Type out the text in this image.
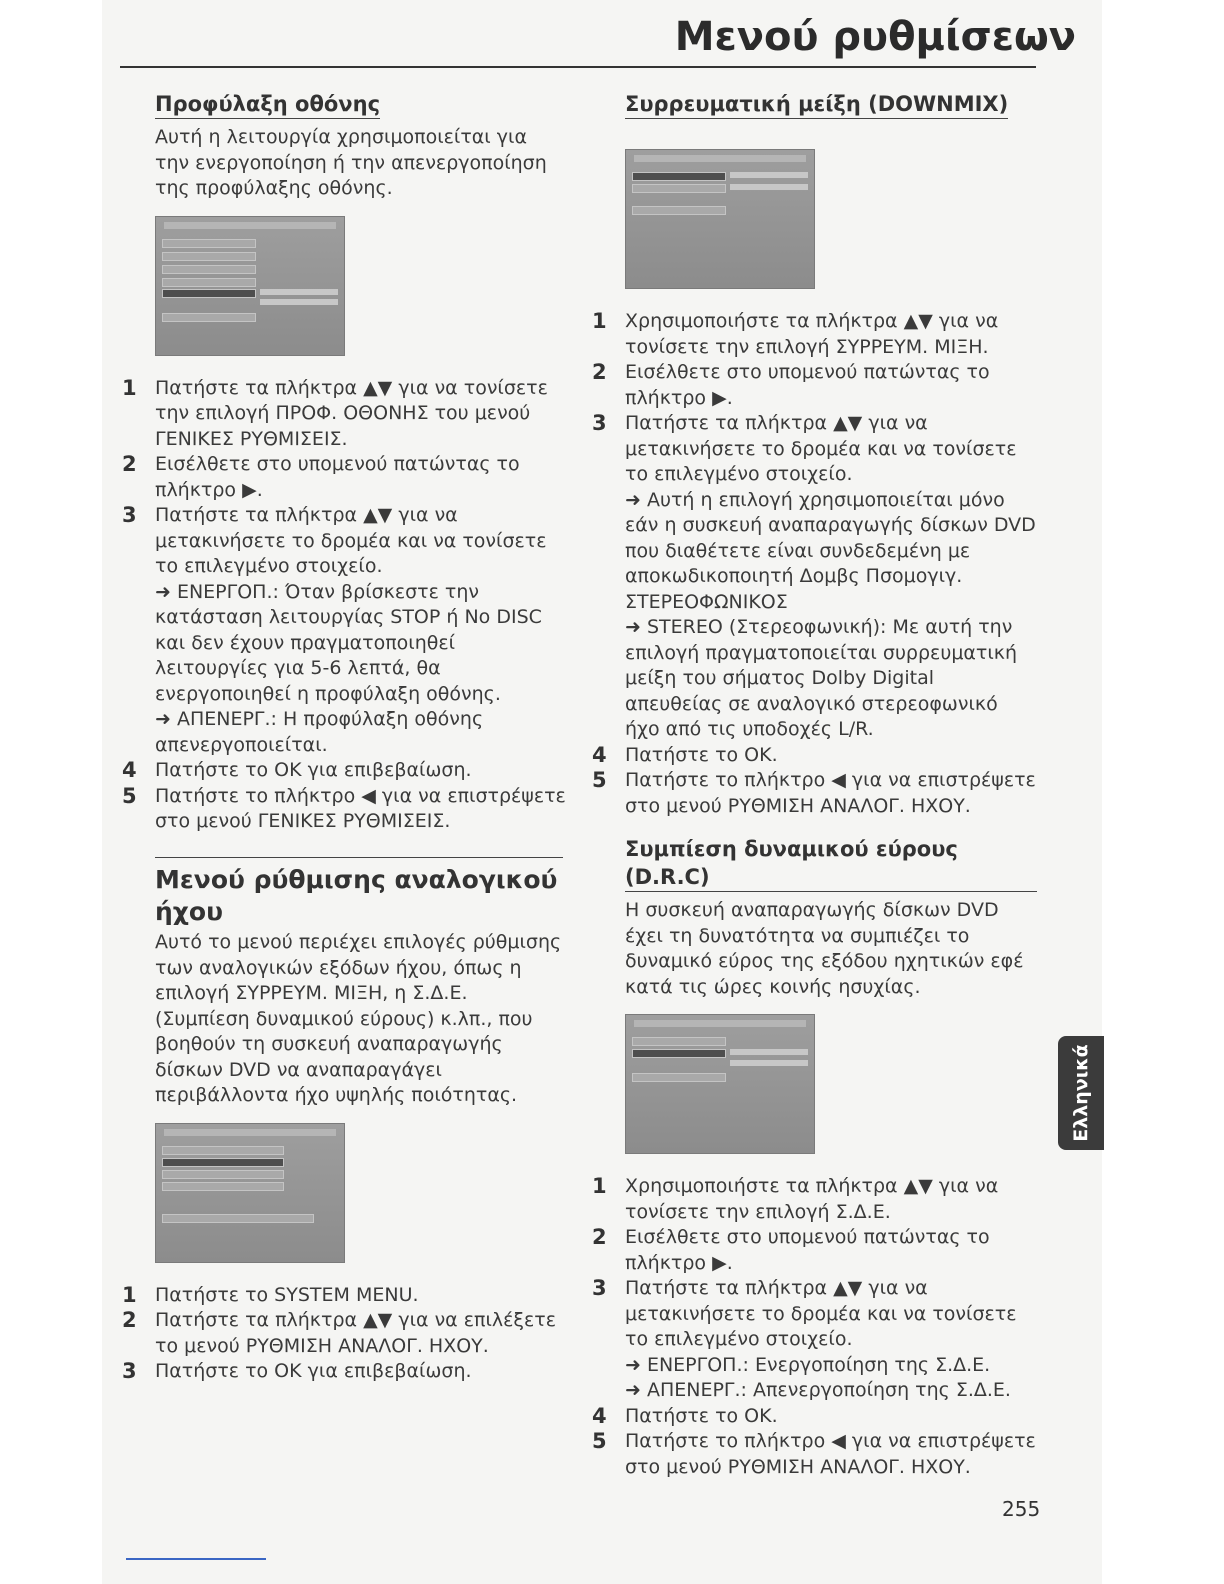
Μενού ρυθμίσεων
Προφύλαξη οθόνης
Αυτή η λειτουργία χρησιμοποιείται για την ενεργοποίηση ή την απενεργοποίηση της προφύλαξης οθόνης.
1 Πατήστε τα πλήκτρα ▲▼ για να τονίσετε την επιλογή ΠΡΟΦ. ΟΘΟΝΗΣ του μενού ΓΕΝΙΚΕΣ ΡΥΘΜΙΣΕΙΣ.
2 Εισέλθετε στο υπομενού πατώντας το πλήκτρο ▶.
3 Πατήστε τα πλήκτρα ▲▼ για να μετακινήσετε το δρομέα και να τονίσετε το επιλεγμένο στοιχείο.
➜ ΕΝΕΡΓΟΠ.: Όταν βρίσκεστε την κατάσταση λειτουργίας STOP ή No DISC και δεν έχουν πραγματοποιηθεί λειτουργίες για 5-6 λεπτά, θα ενεργοποιηθεί η προφύλαξη οθόνης.
➜ ΑΠΕΝΕΡΓ.: Η προφύλαξη οθόνης απενεργοποιείται.
4 Πατήστε το OK για επιβεβαίωση.
5 Πατήστε το πλήκτρο ◀ για να επιστρέψετε στο μενού ΓΕΝΙΚΕΣ ΡΥΘΜΙΣΕΙΣ.
Μενού ρύθμισης αναλογικού ήχου
Αυτό το μενού περιέχει επιλογές ρύθμισης των αναλογικών εξόδων ήχου, όπως η επιλογή ΣΥΡΡΕΥΜ. ΜΙΞΗ, η Σ.Δ.Ε. (Συμπίεση δυναμικού εύρους) κ.λπ., που βοηθούν τη συσκευή αναπαραγωγής δίσκων DVD να αναπαραγάγει περιβάλλοντα ήχο υψηλής ποιότητας.
1 Πατήστε το SYSTEM MENU.
2 Πατήστε τα πλήκτρα ▲▼ για να επιλέξετε το μενού ΡΥΘΜΙΣΗ ΑΝΑΛΟΓ. ΗΧΟΥ.
3 Πατήστε το OK για επιβεβαίωση.
Συρρευματική μείξη (DOWNMIX)
1 Χρησιμοποιήστε τα πλήκτρα ▲▼ για να τονίσετε την επιλογή ΣΥΡΡΕΥΜ. ΜΙΞΗ.
2 Εισέλθετε στο υπομενού πατώντας το πλήκτρο ▶.
3 Πατήστε τα πλήκτρα ▲▼ για να μετακινήσετε το δρομέα και να τονίσετε το επιλεγμένο στοιχείο.
➜ Αυτή η επιλογή χρησιμοποιείται μόνο εάν η συσκευή αναπαραγωγής δίσκων DVD που διαθέτετε είναι συνδεδεμένη με αποκωδικοποιητή Δομβς Πσομογιγ. ΣΤΕΡΕΟΦΩΝΙΚΟΣ
➜ STEREO (Στερεοφωνική): Με αυτή την επιλογή πραγματοποιείται συρρευματική μείξη του σήματος Dolby Digital απευθείας σε αναλογικό στερεοφωνικό ήχο από τις υποδοχές L/R.
4 Πατήστε το OK.
5 Πατήστε το πλήκτρο ◀ για να επιστρέψετε στο μενού ΡΥΘΜΙΣΗ ΑΝΑΛΟΓ. ΗΧΟΥ.
Συμπίεση δυναμικού εύρους (D.R.C)
Η συσκευή αναπαραγωγής δίσκων DVD έχει τη δυνατότητα να συμπιέζει το δυναμικό εύρος της εξόδου ηχητικών εφέ κατά τις ώρες κοινής ησυχίας.
1 Χρησιμοποιήστε τα πλήκτρα ▲▼ για να τονίσετε την επιλογή Σ.Δ.Ε.
2 Εισέλθετε στο υπομενού πατώντας το πλήκτρο ▶.
3 Πατήστε τα πλήκτρα ▲▼ για να μετακινήσετε το δρομέα και να τονίσετε το επιλεγμένο στοιχείο.
➜ ΕΝΕΡΓΟΠ.: Ενεργοποίηση της Σ.Δ.Ε.
➜ ΑΠΕΝΕΡΓ.: Απενεργοποίηση της Σ.Δ.Ε.
4 Πατήστε το OK.
5 Πατήστε το πλήκτρο ◀ για να επιστρέψετε στο μενού ΡΥΘΜΙΣΗ ΑΝΑΛΟΓ. ΗΧΟΥ.
Ελληνικά
255
